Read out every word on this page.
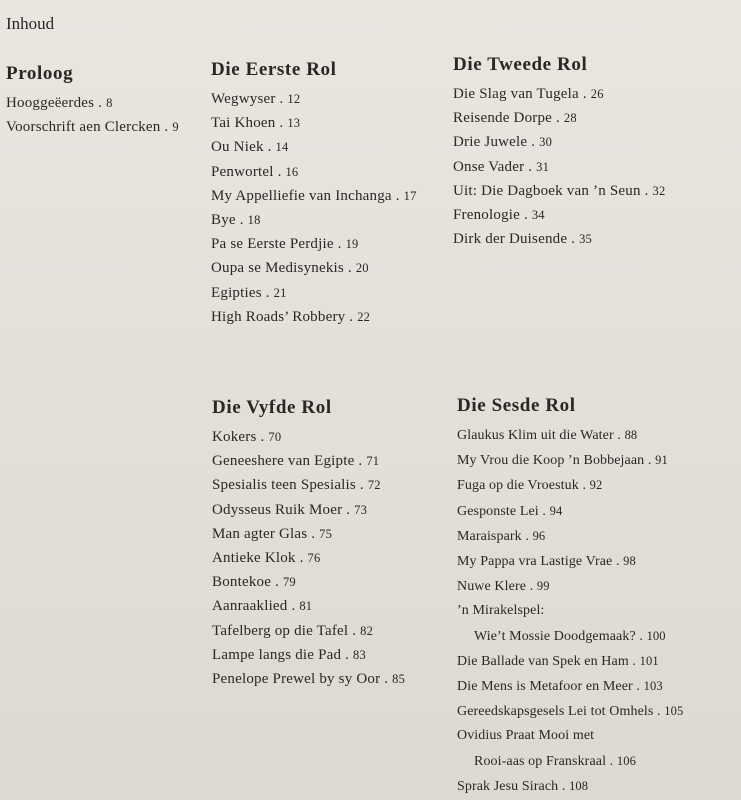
Inhoud
Proloog
Hooggeëerdes . 8
Voorschrift aen Clercken . 9
Die Eerste Rol
Wegwyser . 12
Tai Khoen . 13
Ou Niek . 14
Penwortel . 16
My Appelliefie van Inchanga . 17
Bye . 18
Pa se Eerste Perdjie . 19
Oupa se Medisynekis . 20
Egipties . 21
High Roads’ Robbery . 22
Die Tweede Rol
Die Slag van Tugela . 26
Reisende Dorpe . 28
Drie Juwele . 30
Onse Vader . 31
Uit: Die Dagboek van ’n Seun . 32
Frenologie . 34
Dirk der Duisende . 35
Die Vyfde Rol
Kokers . 70
Geneeshere van Egipte . 71
Spesialis teen Spesialis . 72
Odysseus Ruik Moer . 73
Man agter Glas . 75
Antieke Klok . 76
Bontekoe . 79
Aanraaklied . 81
Tafelberg op die Tafel . 82
Lampe langs die Pad . 83
Penelope Prewel by sy Oor . 85
Die Sesde Rol
Glaukus Klim uit die Water . 88
My Vrou die Koop ’n Bobbejaan . 91
Fuga op die Vroestuk . 92
Gesponste Lei . 94
Maraispark . 96
My Pappa vra Lastige Vrae . 98
Nuwe Klere . 99
’n Mirakelspel:
Wie’t Mossie Doodgemaak? . 100
Die Ballade van Spek en Ham . 101
Die Mens is Metafoor en Meer . 103
Gereedskapsgesels Lei tot Omhels . 105
Ovidius Praat Mooi met
Rooi-aas op Franskraal . 106
Sprak Jesu Sirach . 108
